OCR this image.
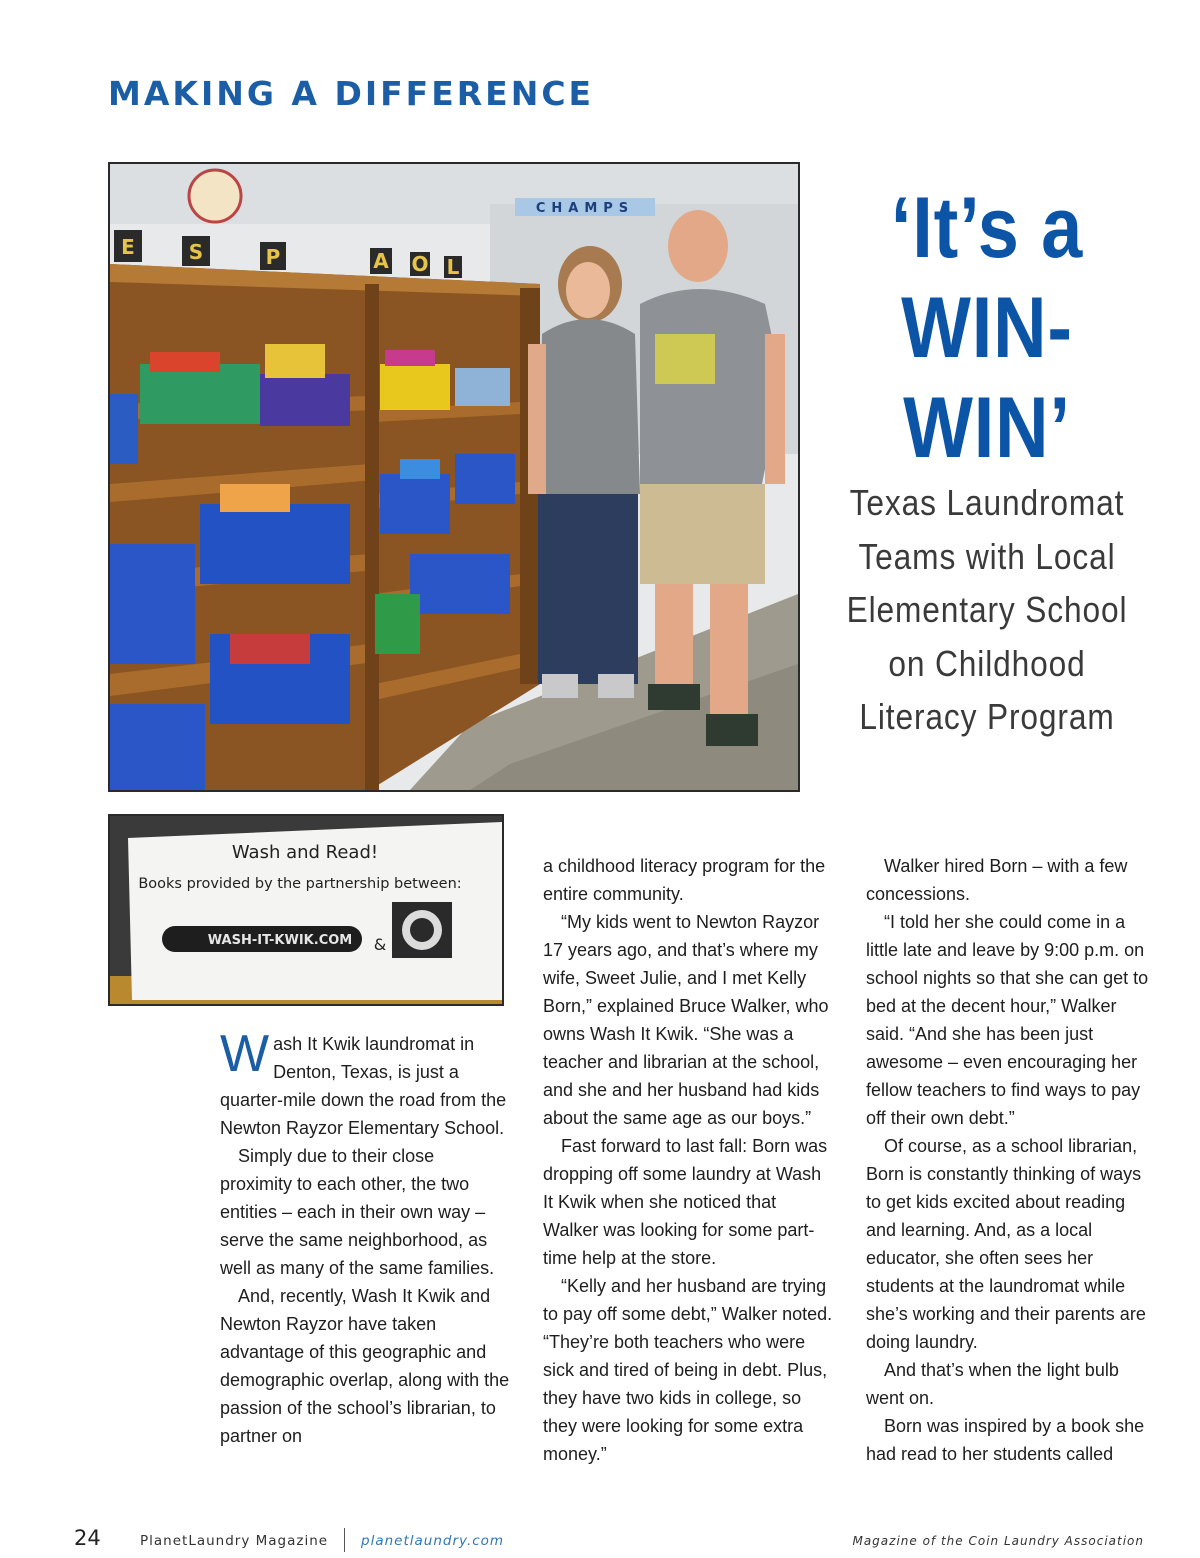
MAKING A DIFFERENCE
E	S	P	A O L
CHAMPS	‘It’s a
WIN-WIN’
Texas Laundromat Teams with Local Elementary School on Childhood Literacy Program
Wash and Read!
Books provided by the partnership between:
WASH-IT-KWIK.COM &

Wash It Kwik laundromat in Denton, Texas, is just a quarter-mile down the road from the Newton Rayzor Elementary School.

Simply due to their close proximity to each other, the two entities – each in their own way – serve the same neighborhood, as well as many of the same families.

And, recently, Wash It Kwik and Newton Rayzor have taken advantage of this geographic and demographic overlap, along with the passion of the school’s librarian, to partner on

a childhood literacy program for the entire community.

“My kids went to Newton Rayzor 17 years ago, and that’s where my wife, Sweet Julie, and I met Kelly Born,” explained Bruce Walker, who owns Wash It Kwik. “She was a teacher and librarian at the school, and she and her husband had kids about the same age as our boys.”

Fast forward to last fall: Born was dropping off some laundry at Wash It Kwik when she noticed that Walker was looking for some part-time help at the store.

“Kelly and her husband are trying to pay off some debt,” Walker noted. “They’re both teachers who were sick and tired of being in debt. Plus, they have two kids in college, so they were looking for some extra money.”

Walker hired Born – with a few concessions.

“I told her she could come in a little late and leave by 9:00 p.m. on school nights so that she can get to bed at the decent hour,” Walker said. “And she has been just awesome – even encouraging her fellow teachers to find ways to pay off their own debt.”

Of course, as a school librarian, Born is constantly thinking of ways to get kids excited about reading and learning. And, as a local educator, she often sees her students at the laundromat while she’s working and their parents are doing laundry.

And that’s when the light bulb went on.

Born was inspired by a book she had read to her students called

24	PlanetLaundry Magazine planetlaundry.com	Magazine of the Coin Laundry Association
